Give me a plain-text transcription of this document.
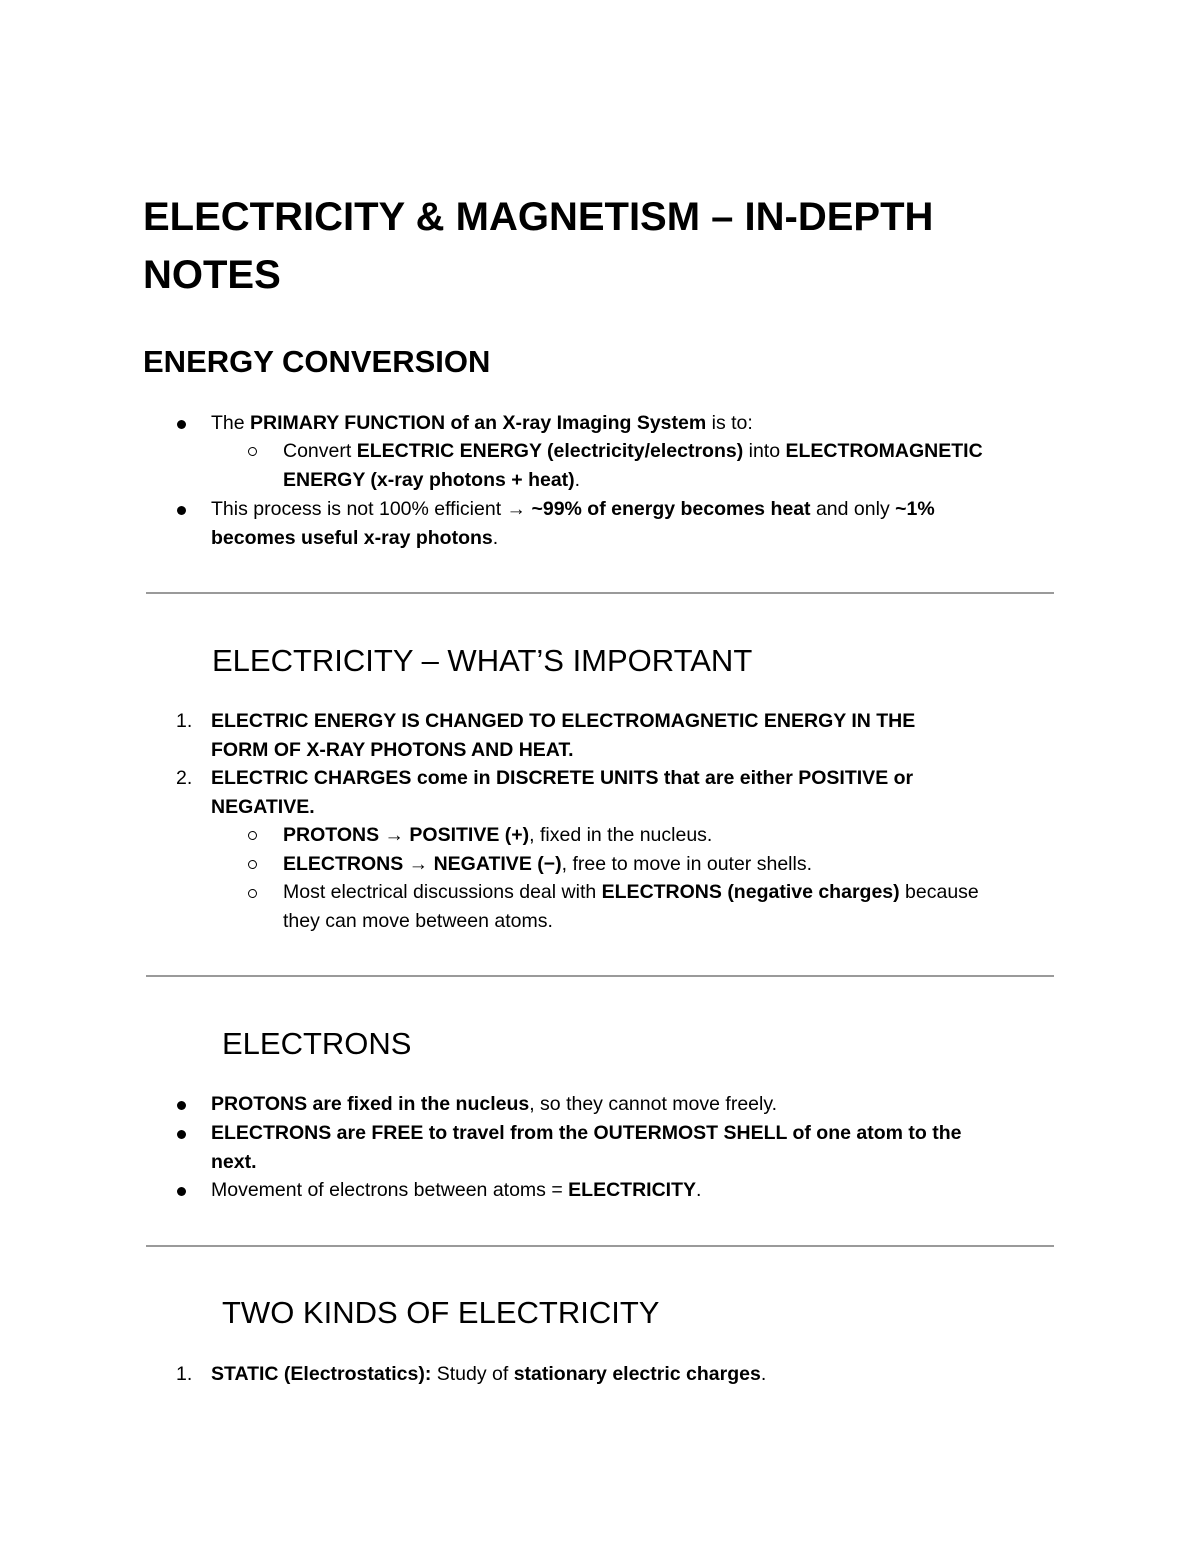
ELECTRICITY & MAGNETISM – IN-DEPTH NOTES
ENERGY CONVERSION
The PRIMARY FUNCTION of an X-ray Imaging System is to:
Convert ELECTRIC ENERGY (electricity/electrons) into ELECTROMAGNETIC
ENERGY (x-ray photons + heat).
This process is not 100% efficient → ~99% of energy becomes heat and only ~1%
becomes useful x-ray photons.
ELECTRICITY – WHAT’S IMPORTANT
1. ELECTRIC ENERGY IS CHANGED TO ELECTROMAGNETIC ENERGY IN THE
FORM OF X-RAY PHOTONS AND HEAT.
2. ELECTRIC CHARGES come in DISCRETE UNITS that are either POSITIVE or
NEGATIVE.
PROTONS → POSITIVE (+), fixed in the nucleus.
ELECTRONS → NEGATIVE (−), free to move in outer shells.
Most electrical discussions deal with ELECTRONS (negative charges) because
they can move between atoms.
ELECTRONS
PROTONS are fixed in the nucleus, so they cannot move freely.
ELECTRONS are FREE to travel from the OUTERMOST SHELL of one atom to the
next.
Movement of electrons between atoms = ELECTRICITY.
TWO KINDS OF ELECTRICITY
1. STATIC (Electrostatics): Study of stationary electric charges.
